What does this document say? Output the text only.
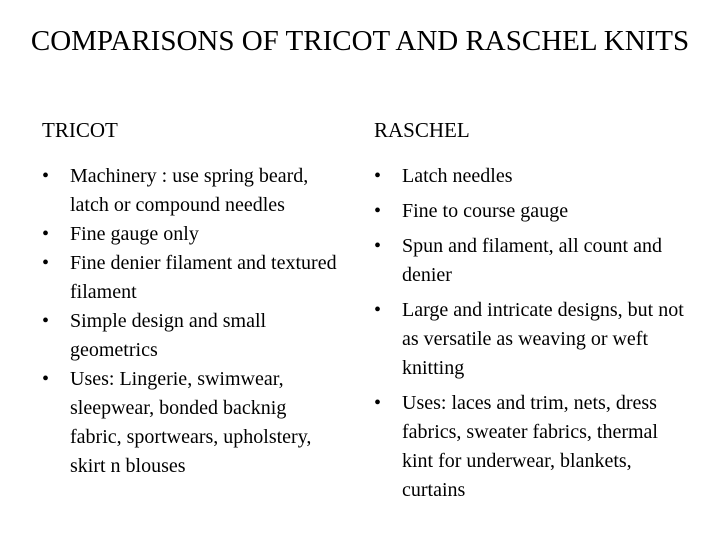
COMPARISONS OF TRICOT AND RASCHEL KNITS
TRICOT
•	Machinery : use spring beard, latch or compound needles
•	Fine gauge only
•	Fine denier filament and textured filament
•	Simple design and small geometrics
•	Uses: Lingerie, swimwear, sleepwear, bonded backnig fabric, sportwears, upholstery, skirt n blouses
RASCHEL
•	Latch needles
•	Fine to course gauge
•	Spun and filament, all count and denier
•	Large and intricate designs, but not as versatile as weaving or weft knitting
•	Uses: laces and trim, nets, dress fabrics, sweater fabrics, thermal kint for underwear, blankets, curtains
